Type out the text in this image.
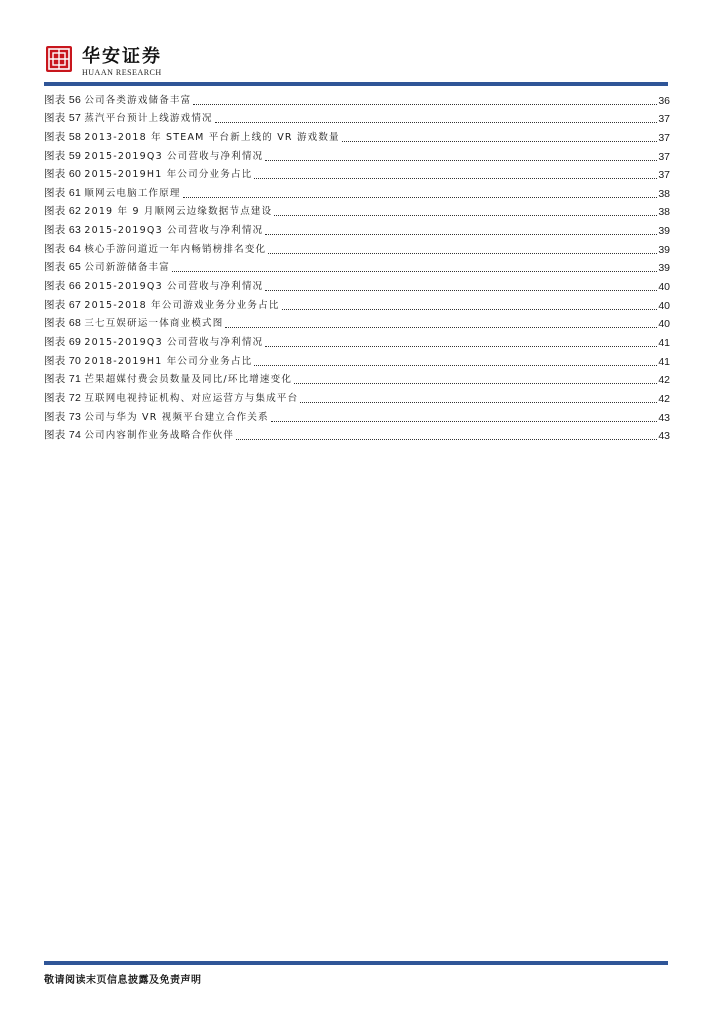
华安证券
HUAAN RESEARCH
图表 56 公司各类游戏储备丰富	36
图表 57 蒸汽平台预计上线游戏情况	37
图表 58 2013-2018 年 STEAM 平台新上线的 VR 游戏数量	37
图表 59 2015-2019Q3 公司营收与净利情况	37
图表 60 2015-2019H1 年公司分业务占比	37
图表 61 顺网云电脑工作原理	38
图表 62 2019 年 9 月顺网云边缘数据节点建设	38
图表 63 2015-2019Q3 公司营收与净利情况	39
图表 64 核心手游问道近一年内畅销榜排名变化	39
图表 65 公司新游储备丰富	39
图表 66 2015-2019Q3 公司营收与净利情况	40
图表 67 2015-2018 年公司游戏业务分业务占比	40
图表 68 三七互娱研运一体商业模式图	40
图表 69 2015-2019Q3 公司营收与净利情况	41
图表 70 2018-2019H1 年公司分业务占比	41
图表 71 芒果超媒付费会员数量及同比/环比增速变化	42
图表 72 互联网电视持证机构、对应运营方与集成平台	42
图表 73 公司与华为 VR 视频平台建立合作关系	43
图表 74 公司内容制作业务战略合作伙伴	43
敬请阅读末页信息披露及免责声明
